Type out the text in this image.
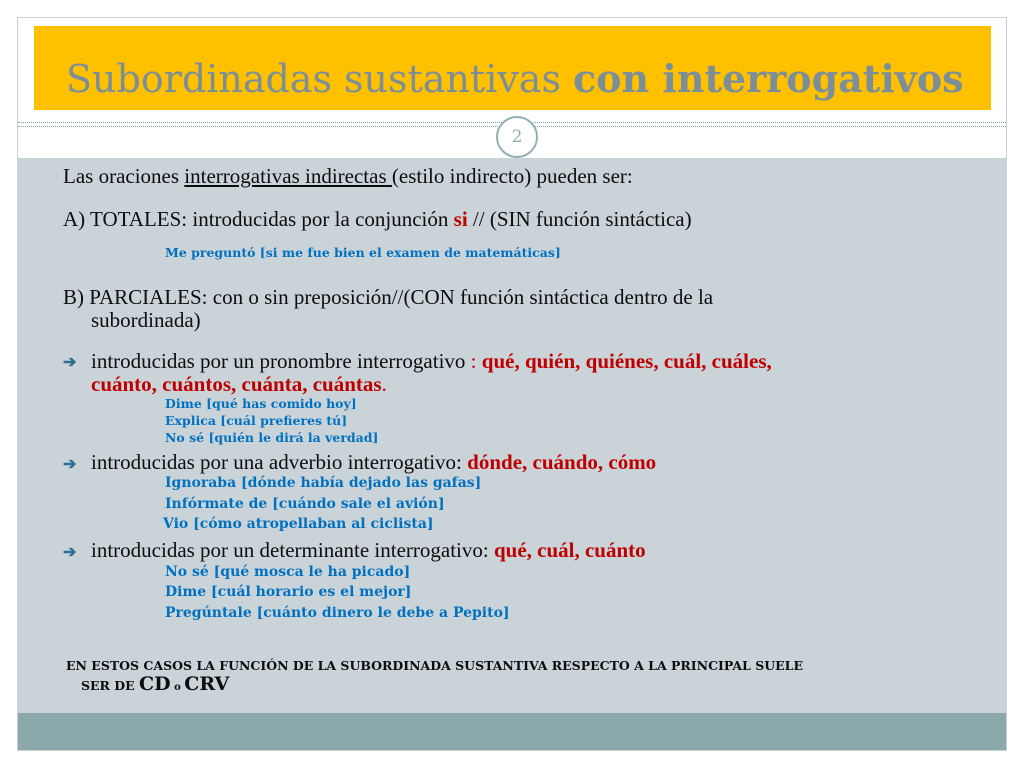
Subordinadas sustantivas con interrogativos
2

Las oraciones interrogativas indirectas (estilo indirecto) pueden ser:

A) TOTALES: introducidas por la conjunción si // (SIN función sintáctica)

Me preguntó [si me fue bien el examen de matemáticas]

B) PARCIALES: con o sin preposición//(CON función sintáctica dentro de la

subordinada)

➔ introducidas por un pronombre interrogativo : qué, quién, quiénes, cuál, cuáles,

cuánto, cuántos, cuánta, cuántas.

Dime [qué has comido hoy]

Explica [cuál prefieres tú]

No sé [quién le dirá la verdad]

➔ introducidas por una adverbio interrogativo: dónde, cuándo, cómo

Ignoraba [dónde había dejado las gafas]

Infórmate de [cuándo sale el avión]

Vio [cómo atropellaban al ciclista]

➔ introducidas por un determinante interrogativo: qué, cuál, cuánto

No sé [qué mosca le ha picado]

Dime [cuál horario es el mejor]

Pregúntale [cuánto dinero le debe a Pepito]

EN ESTOS CASOS LA FUNCIÓN DE LA SUBORDINADA SUSTANTIVA RESPECTO A LA PRINCIPAL SUELE
SER DE CD o CRV
